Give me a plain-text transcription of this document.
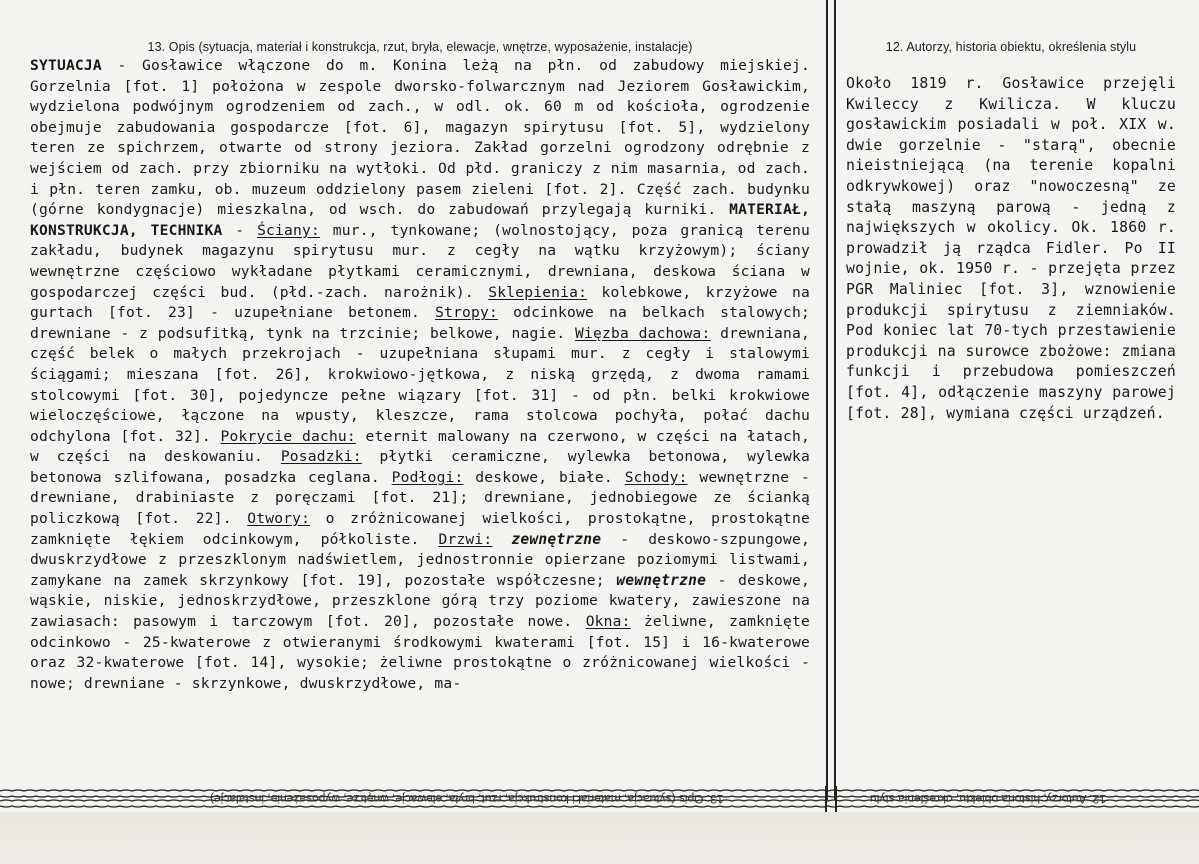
13. Opis (sytuacja, materiał i konstrukcja, rzut, bryła, elewacje, wnętrze, wyposażenie, instalacje)
SYTUACJA - Gosławice włączone do m. Konina leżą na płn. od zabudowy miejskiej. Gorzelnia [fot. 1] położona w zespole dworsko-folwarcznym nad Jeziorem Gosławickim, wydzielona podwójnym ogrodzeniem od zach., w odl. ok. 60 m od kościoła, ogrodzenie obejmuje zabudowania gospodarcze [fot. 6], magazyn spirytusu [fot. 5], wydzielony teren ze spichrzem, otwarte od strony jeziora. Zakład gorzelni ogrodzony odrębnie z wejściem od zach. przy zbiorniku na wytłoki. Od płd. graniczy z nim masarnia, od zach. i płn. teren zamku, ob. muzeum oddzielony pasem zieleni [fot. 2]. Część zach. budynku (górne kondygnacje) mieszkalna, od wsch. do zabudowań przylegają kurniki. MATERIAŁ, KONSTRUKCJA, TECHNIKA - Ściany: mur., tynkowane; (wolnostojący, poza granicą terenu zakładu, budynek magazynu spirytusu mur. z cegły na wątku krzyżowym); ściany wewnętrzne częściowo wykładane płytkami ceramicznymi, drewniana, deskowa ściana w gospodarczej części bud. (płd.-zach. narożnik). Sklepienia: kolebkowe, krzyżowe na gurtach [fot. 23] - uzupełniane betonem. Stropy: odcinkowe na belkach stalowych; drewniane - z podsufitką, tynk na trzcinie; belkowe, nagie. Więzba dachowa: drewniana, część belek o małych przekrojach - uzupełniana słupami mur. z cegły i stalowymi ściągami; mieszana [fot. 26], krokwiowo-jętkowa, z niską grzędą, z dwoma ramami stolcowymi [fot. 30], pojedyncze pełne wiązary [fot. 31] - od płn. belki krokwiowe wieloczęściowe, łączone na wpusty, kleszcze, rama stolcowa pochyła, połać dachu odchylona [fot. 32]. Pokrycie dachu: eternit malowany na czerwono, w części na łatach, w części na deskowaniu. Posadzki: płytki ceramiczne, wylewka betonowa, wylewka betonowa szlifowana, posadzka ceglana. Podłogi: deskowe, białe. Schody: wewnętrzne - drewniane, drabiniaste z poręczami [fot. 21]; drewniane, jednobiegowe ze ścianką policzkową [fot. 22]. Otwory: o zróżnicowanej wielkości, prostokątne, prostokątne zamknięte łękiem odcinkowym, półkoliste. Drzwi: zewnętrzne - deskowo-szpungowe, dwuskrzydłowe z przeszklonym nadświetlem, jednostronnie opierzane poziomymi listwami, zamykane na zamek skrzynkowy [fot. 19], pozostałe współczesne; wewnętrzne - deskowe, wąskie, niskie, jednoskrzydłowe, przeszklone górą trzy poziome kwatery, zawieszone na zawiasach: pasowym i tarczowym [fot. 20], pozostałe nowe. Okna: żeliwne, zamknięte odcinkowo - 25-kwaterowe z otwieranymi środkowymi kwaterami [fot. 15] i 16-kwaterowe oraz 32-kwaterowe [fot. 14], wysokie; żeliwne prostokątne o zróżnicowanej wielkości - nowe; drewniane - skrzynkowe, dwuskrzydłowe, ma-
12. Autorzy, historia obiektu, określenia stylu
Około 1819 r. Gosławice przejęli Kwileccy z Kwilicza. W kluczu gosławickim posiadali w poł. XIX w. dwie gorzelnie - "starą", obecnie nieistniejącą (na terenie kopalni odkrywkowej) oraz "nowoczesną" ze stałą maszyną parową - jedną z największych w okolicy. Ok. 1860 r. prowadził ją rządca Fidler. Po II wojnie, ok. 1950 r. - przejęta przez PGR Maliniec [fot. 3], wznowienie produkcji spirytusu z ziemniaków. Pod koniec lat 70-tych przestawienie produkcji na surowce zbożowe: zmiana funkcji i przebudowa pomieszczeń [fot. 4], odłączenie maszyny parowej [fot. 28], wymiana części urządzeń.
13. Opis (sytuacja, materiał i konstrukcja, rzut, bryła, elewacje, wnętrze, wyposażenie, instalacje)	12. Autorzy, historia obiektu, określenia stylu
